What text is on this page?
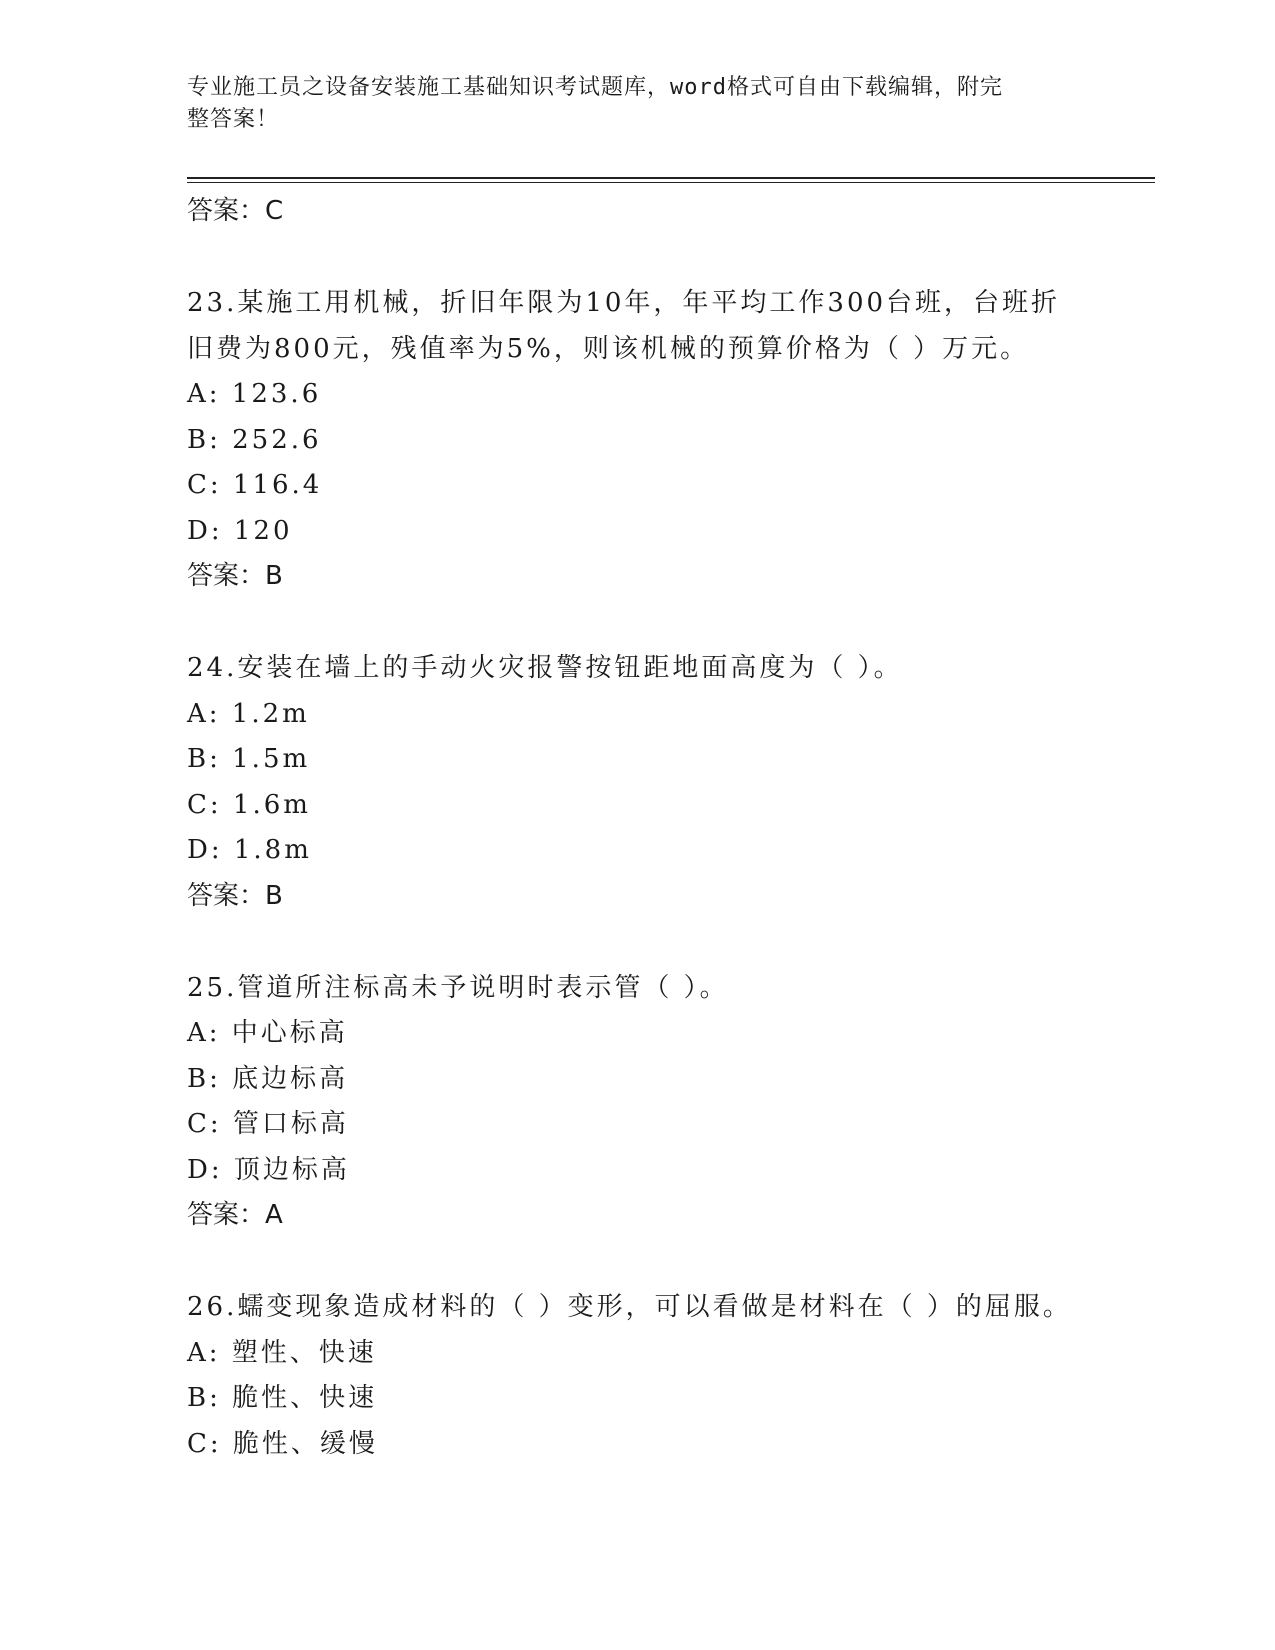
专业施工员之设备安装施工基础知识考试题库，word格式可自由下载编辑，附完
整答案！
答案：C
23.某施工用机械，折旧年限为10年，年平均工作300台班，台班折
旧费为800元，残值率为5%，则该机械的预算价格为（ ）万元。
A: 123.6
B: 252.6
C: 116.4
D: 120
答案：B
24.安装在墙上的手动火灾报警按钮距地面高度为（ ）。
A: 1.2m
B: 1.5m
C: 1.6m
D: 1.8m
答案：B
25.管道所注标高未予说明时表示管（ ）。
A: 中心标高
B: 底边标高
C: 管口标高
D: 顶边标高
答案：A
26.蠕变现象造成材料的（ ）变形，可以看做是材料在（ ）的屈服。
A: 塑性、快速
B: 脆性、快速
C: 脆性、缓慢
